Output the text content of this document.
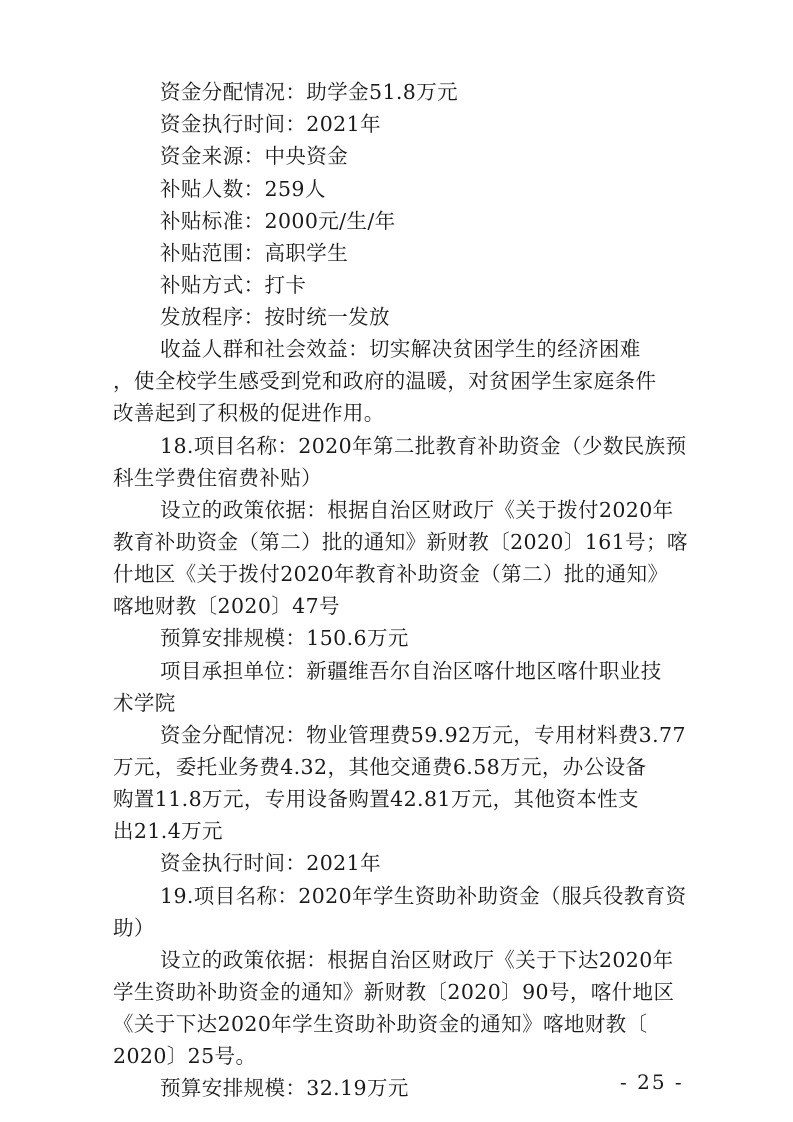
资金分配情况：助学金51.8万元
资金执行时间：2021年
资金来源：中央资金
补贴人数：259人
补贴标准：2000元/生/年
补贴范围：高职学生
补贴方式：打卡
发放程序：按时统一发放
收益人群和社会效益：切实解决贫困学生的经济困难
，使全校学生感受到党和政府的温暖，对贫困学生家庭条件
改善起到了积极的促进作用。
18.项目名称：2020年第二批教育补助资金（少数民族预
科生学费住宿费补贴）
设立的政策依据：根据自治区财政厅《关于拨付2020年
教育补助资金（第二）批的通知》新财教〔2020〕161号；喀
什地区《关于拨付2020年教育补助资金（第二）批的通知》
喀地财教〔2020〕47号
预算安排规模：150.6万元
项目承担单位：新疆维吾尔自治区喀什地区喀什职业技
术学院
资金分配情况：物业管理费59.92万元，专用材料费3.77
万元，委托业务费4.32，其他交通费6.58万元，办公设备
购置11.8万元，专用设备购置42.81万元，其他资本性支
出21.4万元
资金执行时间：2021年
19.项目名称：2020年学生资助补助资金（服兵役教育资
助）
设立的政策依据：根据自治区财政厅《关于下达2020年
学生资助补助资金的通知》新财教〔2020〕90号，喀什地区
《关于下达2020年学生资助补助资金的通知》喀地财教〔
2020〕25号。
预算安排规模：32.19万元	- 25 -
